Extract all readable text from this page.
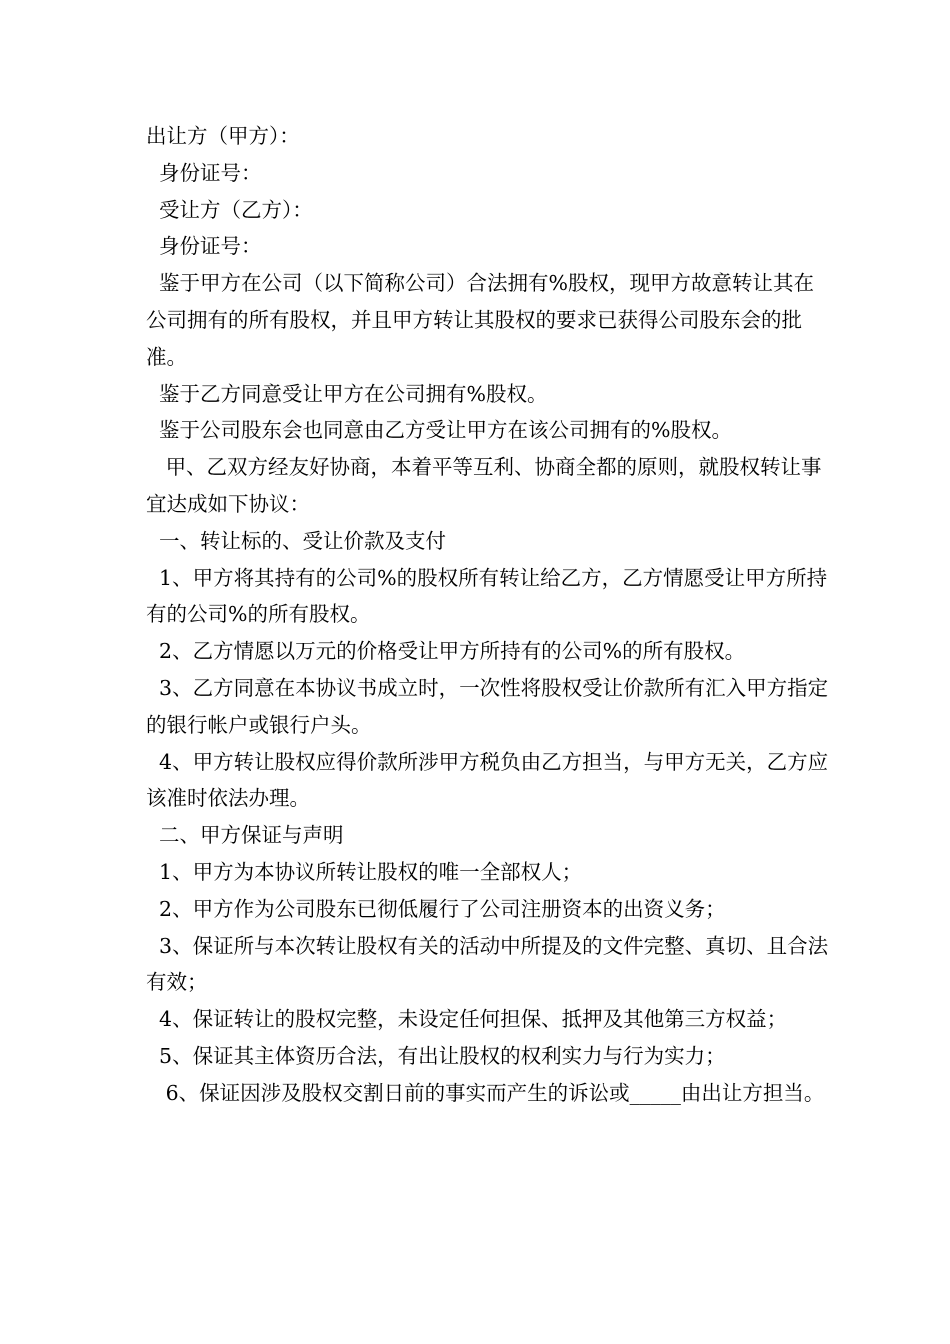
出让方（甲方）：

身份证号：

受让方（乙方）：

身份证号：

鉴于甲方在公司（以下简称公司）合法拥有%股权，现甲方故意转让其在公司拥有的所有股权，并且甲方转让其股权的要求已获得公司股东会的批准。

鉴于乙方同意受让甲方在公司拥有%股权。

鉴于公司股东会也同意由乙方受让甲方在该公司拥有的%股权。

甲、乙双方经友好协商，本着平等互利、协商全都的原则，就股权转让事宜达成如下协议：

一、转让标的、受让价款及支付

1、甲方将其持有的公司%的股权所有转让给乙方，乙方情愿受让甲方所持有的公司%的所有股权。

2、乙方情愿以万元的价格受让甲方所持有的公司%的所有股权。

3、乙方同意在本协议书成立时，一次性将股权受让价款所有汇入甲方指定的银行帐户或银行户头。

4、甲方转让股权应得价款所涉甲方税负由乙方担当，与甲方无关，乙方应该准时依法办理。

二、甲方保证与声明

1、甲方为本协议所转让股权的唯一全部权人；

2、甲方作为公司股东已彻低履行了公司注册资本的出资义务；

3、保证所与本次转让股权有关的活动中所提及的文件完整、真切、且合法有效；

4、保证转让的股权完整，未设定任何担保、抵押及其他第三方权益；

5、保证其主体资历合法，有出让股权的权利实力与行为实力；

6、保证因涉及股权交割日前的事实而产生的诉讼或_____由出让方担当。
